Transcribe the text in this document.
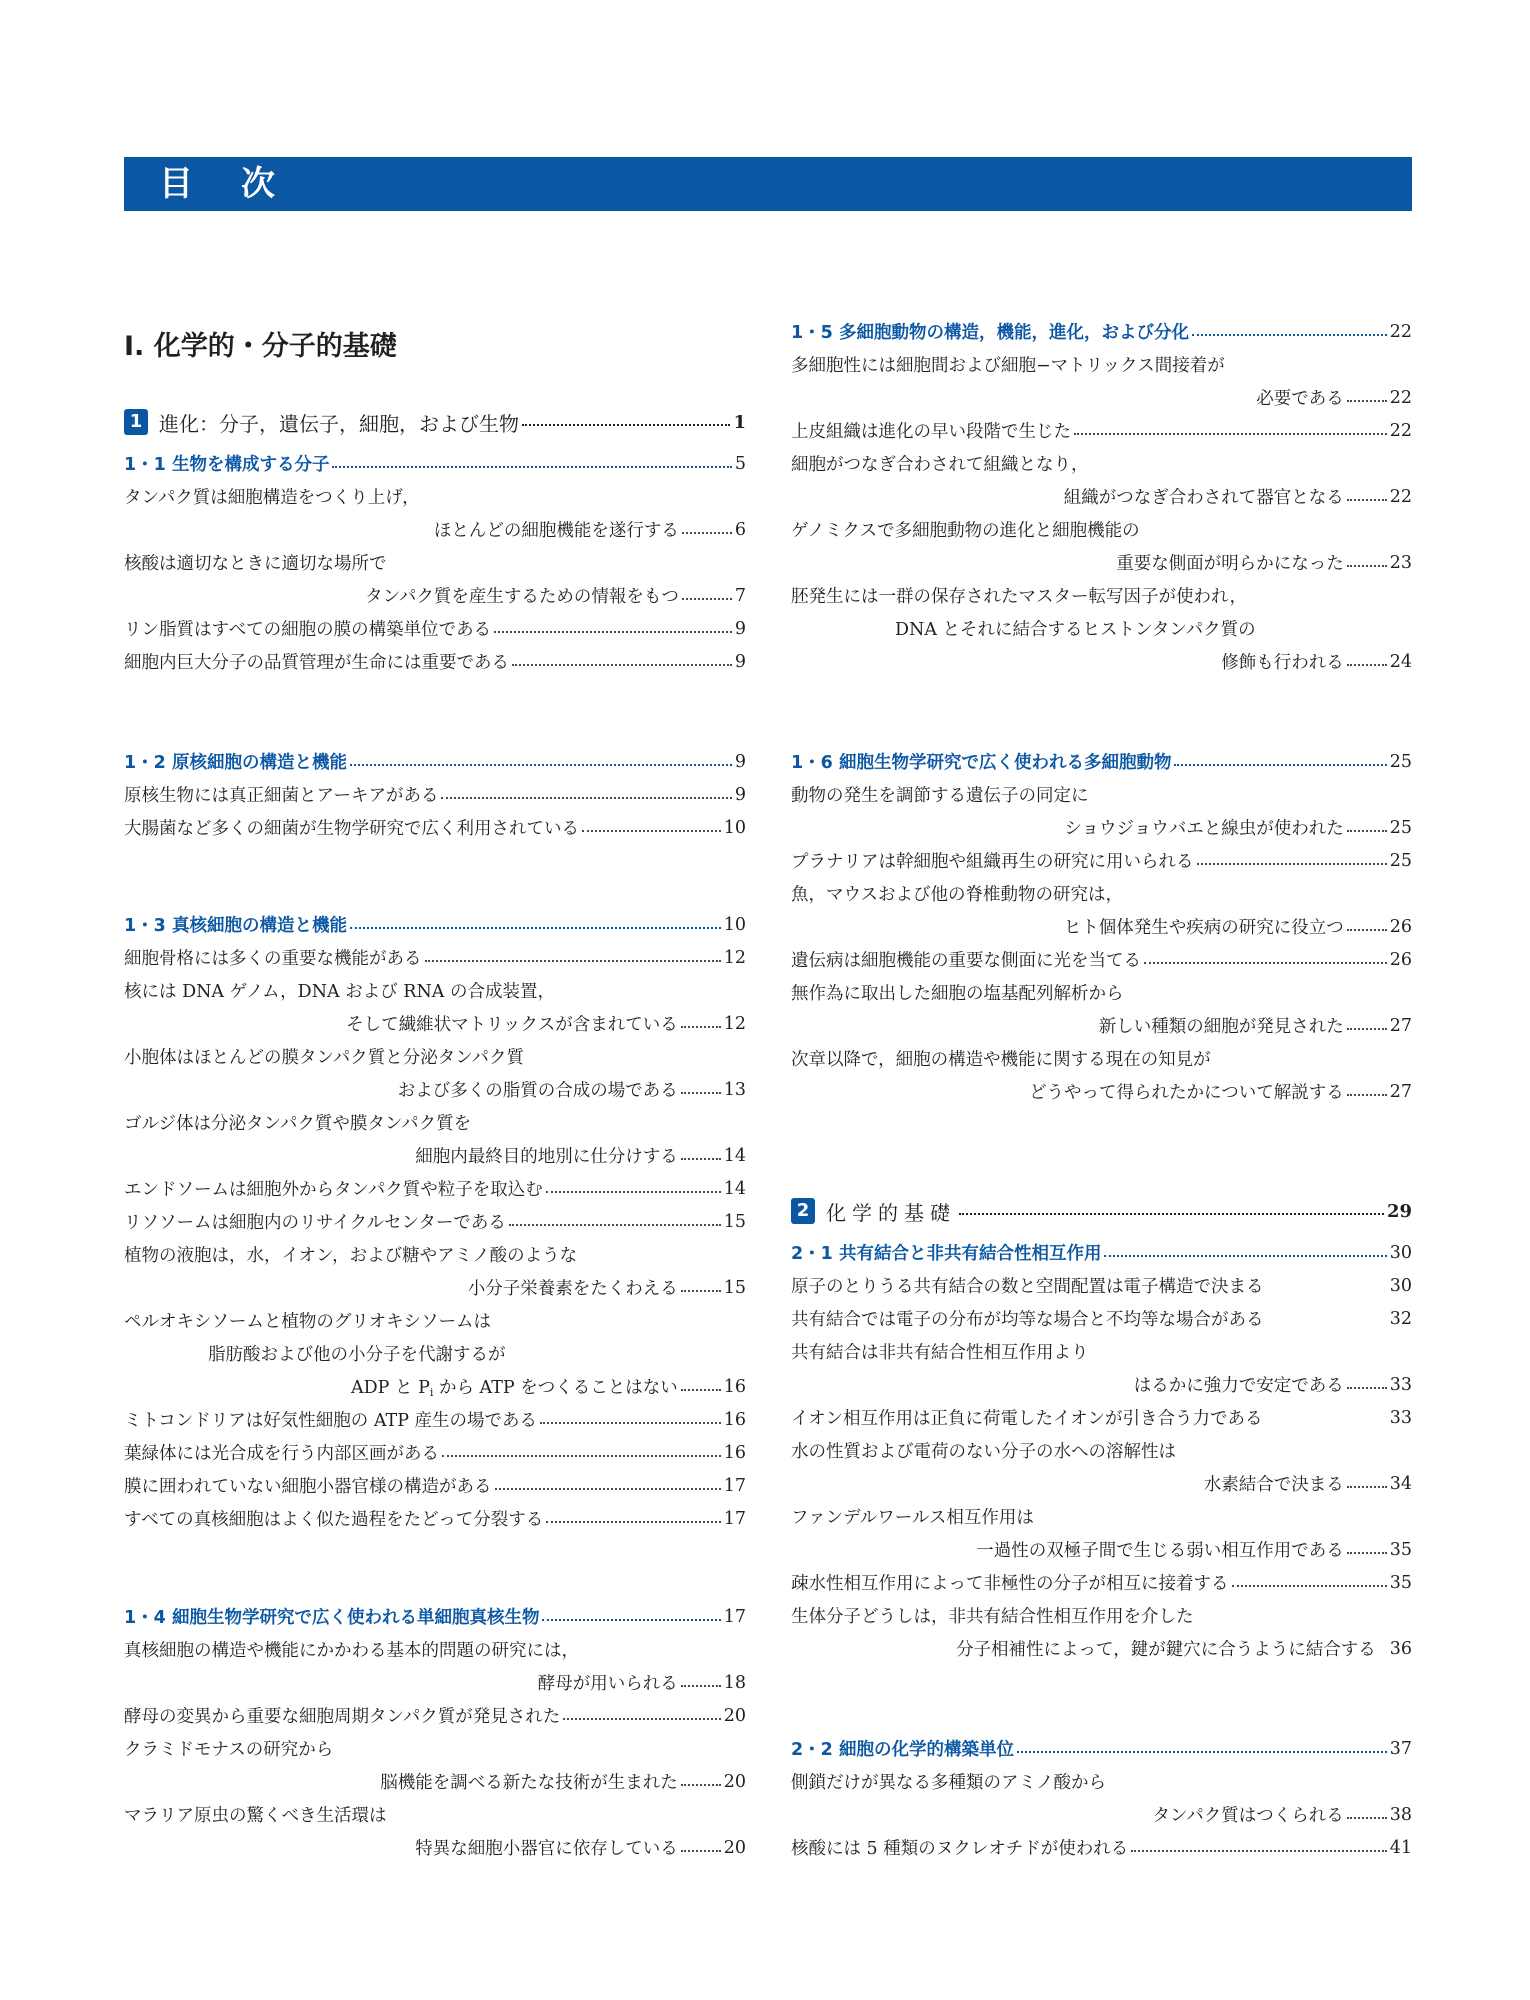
目次
I. 化学的・分子的基礎
1 進化：分子，遺伝子，細胞，および生物	1
1・1 生物を構成する分子	5
タンパク質は細胞構造をつくり上げ，
ほとんどの細胞機能を遂行する	6
核酸は適切なときに適切な場所で
タンパク質を産生するための情報をもつ	7
リン脂質はすべての細胞の膜の構築単位である	9
細胞内巨大分子の品質管理が生命には重要である	9
1・2 原核細胞の構造と機能	9
原核生物には真正細菌とアーキアがある	9
大腸菌など多くの細菌が生物学研究で広く利用されている	10
1・3 真核細胞の構造と機能	10
細胞骨格には多くの重要な機能がある	12
核には DNA ゲノム，DNA および RNA の合成装置，
そして繊維状マトリックスが含まれている	12
小胞体はほとんどの膜タンパク質と分泌タンパク質
および多くの脂質の合成の場である	13
ゴルジ体は分泌タンパク質や膜タンパク質を
細胞内最終目的地別に仕分けする	14
エンドソームは細胞外からタンパク質や粒子を取込む	14
リソソームは細胞内のリサイクルセンターである	15
植物の液胞は，水，イオン，および糖やアミノ酸のような
小分子栄養素をたくわえる	15
ペルオキシソームと植物のグリオキシソームは
脂肪酸および他の小分子を代謝するが
ADP と $P_i$ から ATP をつくることはない	16
ミトコンドリアは好気性細胞の ATP 産生の場である	16
葉緑体には光合成を行う内部区画がある	16
膜に囲われていない細胞小器官様の構造がある	17
すべての真核細胞はよく似た過程をたどって分裂する	17
1・4 細胞生物学研究で広く使われる単細胞真核生物	17
真核細胞の構造や機能にかかわる基本的問題の研究には，
酵母が用いられる	18
酵母の変異から重要な細胞周期タンパク質が発見された	20
クラミドモナスの研究から
脳機能を調べる新たな技術が生まれた	20
マラリア原虫の驚くべき生活環は
特異な細胞小器官に依存している	20
1・5 多細胞動物の構造，機能，進化，および分化	22
多細胞性には細胞間および細胞−マトリックス間接着が
必要である	22
上皮組織は進化の早い段階で生じた	22
細胞がつなぎ合わされて組織となり，
組織がつなぎ合わされて器官となる	22
ゲノミクスで多細胞動物の進化と細胞機能の
重要な側面が明らかになった	23
胚発生には一群の保存されたマスター転写因子が使われ，
DNA とそれに結合するヒストンタンパク質の
修飾も行われる	24
1・6 細胞生物学研究で広く使われる多細胞動物	25
動物の発生を調節する遺伝子の同定に
ショウジョウバエと線虫が使われた	25
プラナリアは幹細胞や組織再生の研究に用いられる	25
魚，マウスおよび他の脊椎動物の研究は，
ヒト個体発生や疾病の研究に役立つ	26
遺伝病は細胞機能の重要な側面に光を当てる	26
無作為に取出した細胞の塩基配列解析から
新しい種類の細胞が発見された	27
次章以降で，細胞の構造や機能に関する現在の知見が
どうやって得られたかについて解説する	27
2 化学的基礎	29
2・1 共有結合と非共有結合性相互作用	30
原子のとりうる共有結合の数と空間配置は電子構造で決まる	30
共有結合では電子の分布が均等な場合と不均等な場合がある	32
共有結合は非共有結合性相互作用より
はるかに強力で安定である	33
イオン相互作用は正負に荷電したイオンが引き合う力である	33
水の性質および電荷のない分子の水への溶解性は
水素結合で決まる	34
ファンデルワールス相互作用は
一過性の双極子間で生じる弱い相互作用である	35
疎水性相互作用によって非極性の分子が相互に接着する	35
生体分子どうしは，非共有結合性相互作用を介した
分子相補性によって，鍵が鍵穴に合うように結合する 36
2・2 細胞の化学的構築単位	37
側鎖だけが異なる多種類のアミノ酸から
タンパク質はつくられる	38
核酸には 5 種類のヌクレオチドが使われる	41
